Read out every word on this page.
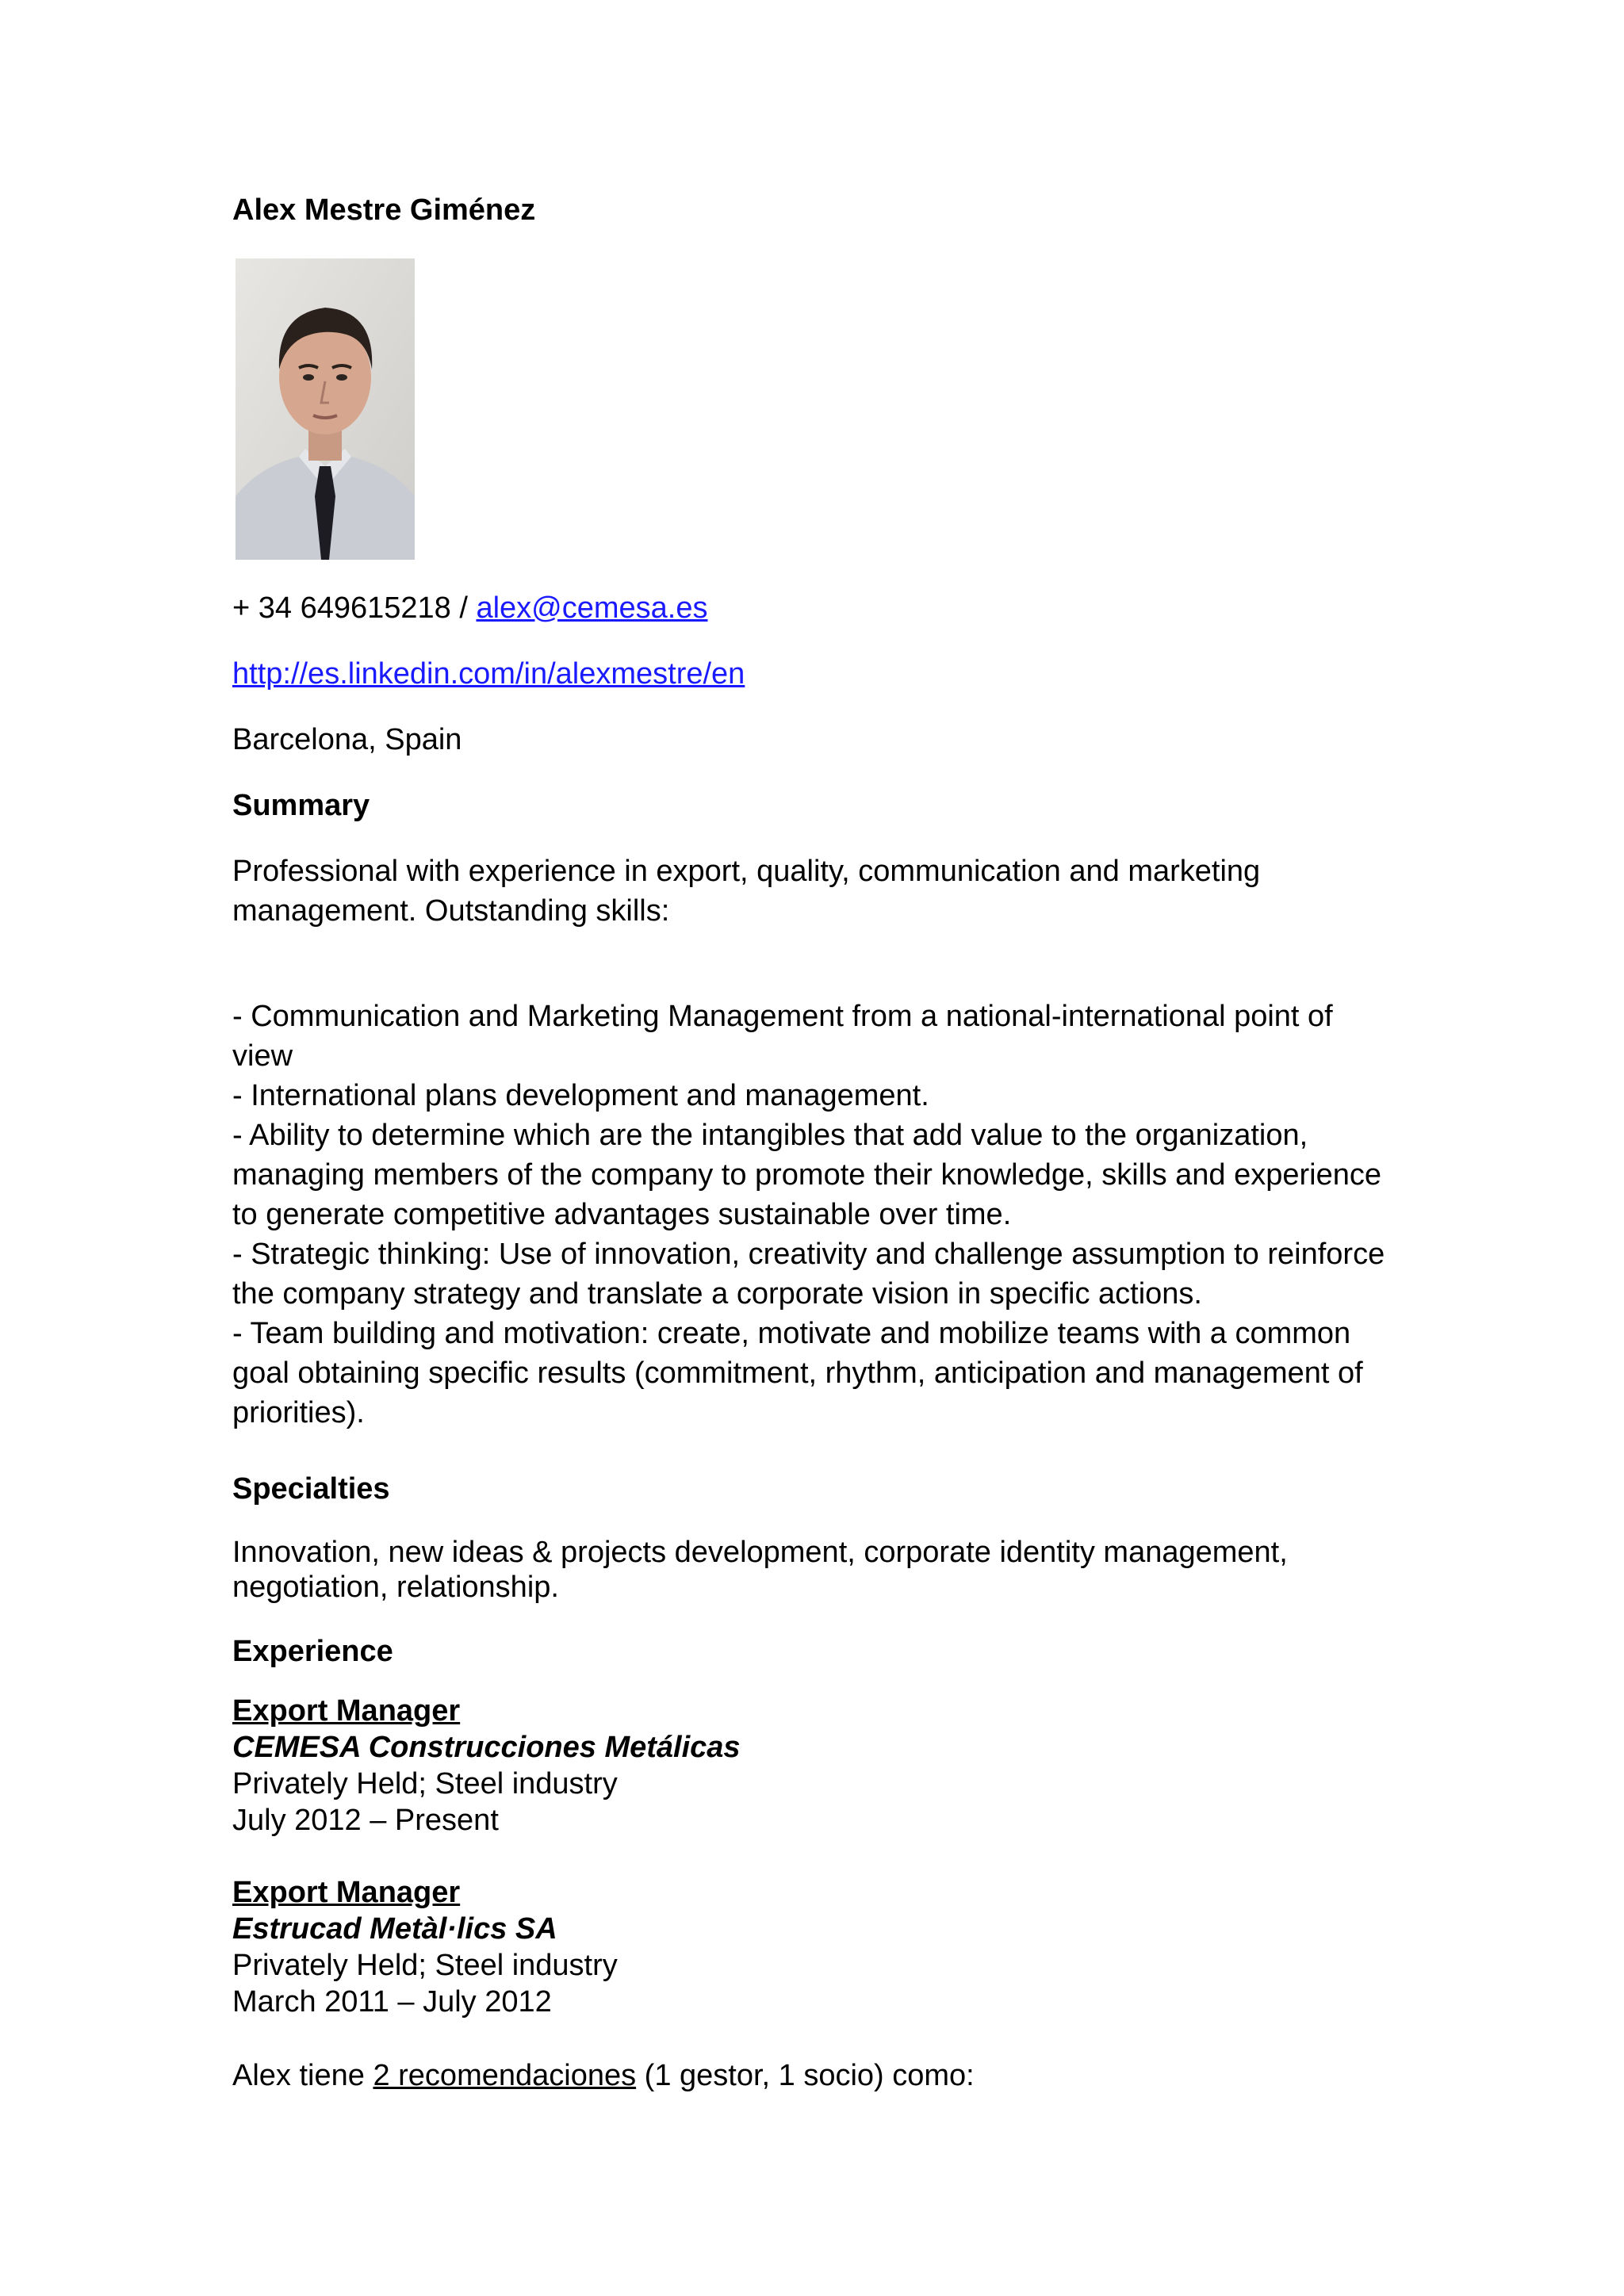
Alex Mestre Giménez
+ 34 649615218 / alex@cemesa.es
http://es.linkedin.com/in/alexmestre/en
Barcelona, Spain
Summary
Professional with experience in export, quality, communication and marketing
management. Outstanding skills:
- Communication and Marketing Management from a national-international point of
view
- International plans development and management.
- Ability to determine which are the intangibles that add value to the organization,
managing members of the company to promote their knowledge, skills and experience
to generate competitive advantages sustainable over time.
- Strategic thinking: Use of innovation, creativity and challenge assumption to reinforce
the company strategy and translate a corporate vision in specific actions.
- Team building and motivation: create, motivate and mobilize teams with a common
goal obtaining specific results (commitment, rhythm, anticipation and management of
priorities).
Specialties
Innovation, new ideas & projects development, corporate identity management,
negotiation, relationship.
Experience
Export Manager
CEMESA Construcciones Metálicas
Privately Held; Steel industry
July 2012 – Present
Export Manager
Estrucad Metàl·lics SA
Privately Held; Steel industry
March 2011 – July 2012
Alex tiene 2 recomendaciones (1 gestor, 1 socio) como:
